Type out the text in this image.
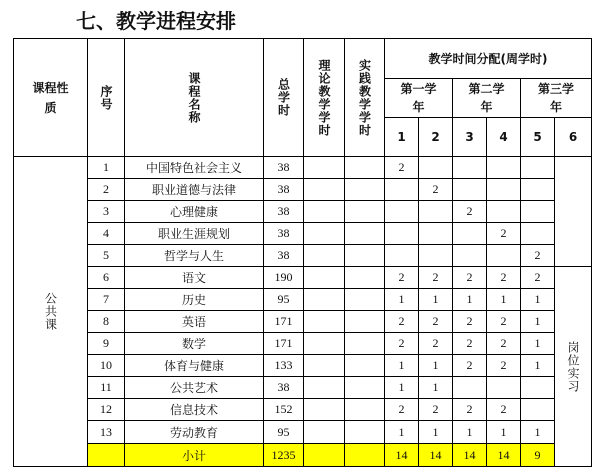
七、教学进程安排
课程性质	序号	课程名称	总学时	理论教学学时	实践教学学时	教学时间分配(周学时)					

						第一学年		第二学年		第三学年	

						1	2	3	4	5	6

公共课	1	中国特色社会主义	38			2					
	2	职业道德与法律	38				2				
	3	心理健康	38					2			
	4	职业生涯规划	38						2		
	5	哲学与人生	38							2	
	6	语文	190			2	2	2	2	2	岗位实习

	7	历史	95			1	1	1	1	1	
	8	英语	171			2	2	2	2	1	
	9	数学	171			2	2	2	2	1	
	10	体育与健康	133			1	1	2	2	1	
	11	公共艺术	38			1	1				
	12	信息技术	152			2	2	2	2		
	13	劳动教育	95			1	1	1	1	1	
		小计	1235			14	14	14	14	9	
